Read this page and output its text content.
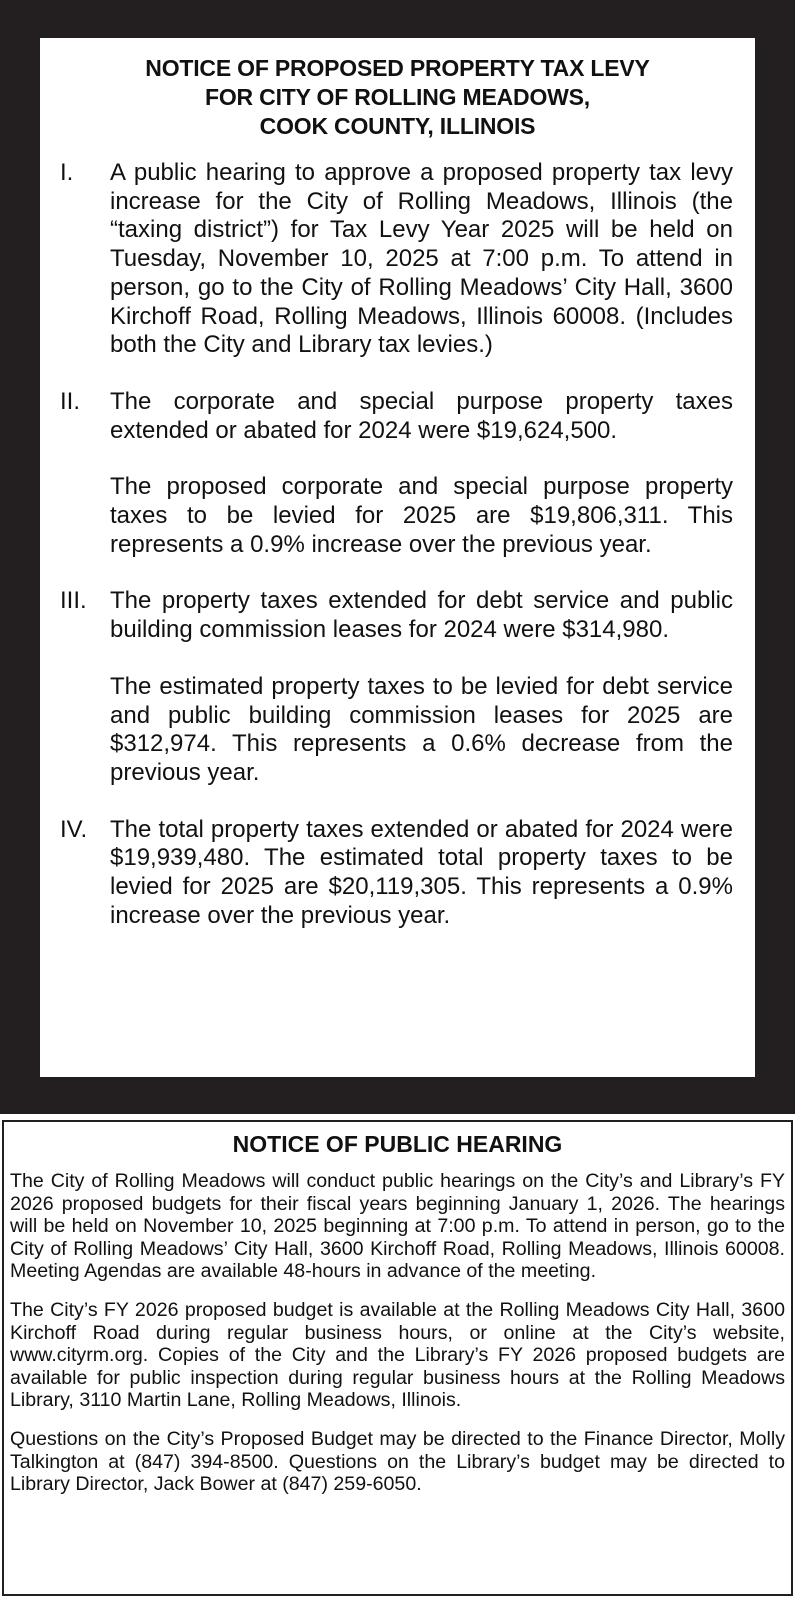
NOTICE OF PROPOSED PROPERTY TAX LEVY
FOR CITY OF ROLLING MEADOWS,
COOK COUNTY, ILLINOIS
I.	A public hearing to approve a proposed property tax levy increase for the City of Rolling Meadows, Illinois (the “taxing district”) for Tax Levy Year 2025 will be held on Tuesday, November 10, 2025 at 7:00 p.m. To attend in person, go to the City of Rolling Meadows’ City Hall, 3600 Kirchoff Road, Rolling Meadows, Illinois 60008. (Includes both the City and Library tax levies.)

II.	The corporate and special purpose property taxes extended or abated for 2024 were $19,624,500.

The proposed corporate and special purpose property taxes to be levied for 2025 are $19,806,311. This represents a 0.9% increase over the previous year.

III. The property taxes extended for debt service and public building commission leases for 2024 were $314,980.

The estimated property taxes to be levied for debt service and public building commission leases for 2025 are $312,974. This represents a 0.6% decrease from the previous year.

IV. The total property taxes extended or abated for 2024 were $19,939,480. The estimated total property taxes to be levied for 2025 are $20,119,305. This represents a 0.9% increase over the previous year.

NOTICE OF PUBLIC HEARING

The City of Rolling Meadows will conduct public hearings on the City’s and Library’s FY 2026 proposed budgets for their fiscal years beginning January 1, 2026. The hearings will be held on November 10, 2025 beginning at 7:00 p.m. To attend in person, go to the City of Rolling Meadows’ City Hall, 3600 Kirchoff Road, Rolling Meadows, Illinois 60008. Meeting Agendas are available 48-hours in advance of the meeting.

The City’s FY 2026 proposed budget is available at the Rolling Meadows City Hall, 3600 Kirchoff Road during regular business hours, or online at the City’s website, www.cityrm.org. Copies of the City and the Library’s FY 2026 proposed budgets are available for public inspection during regular business hours at the Rolling Meadows Library, 3110 Martin Lane, Rolling Meadows, Illinois.

Questions on the City’s Proposed Budget may be directed to the Finance Director, Molly Talkington at (847) 394-8500. Questions on the Library’s budget may be directed to Library Director, Jack Bower at (847) 259-6050.
